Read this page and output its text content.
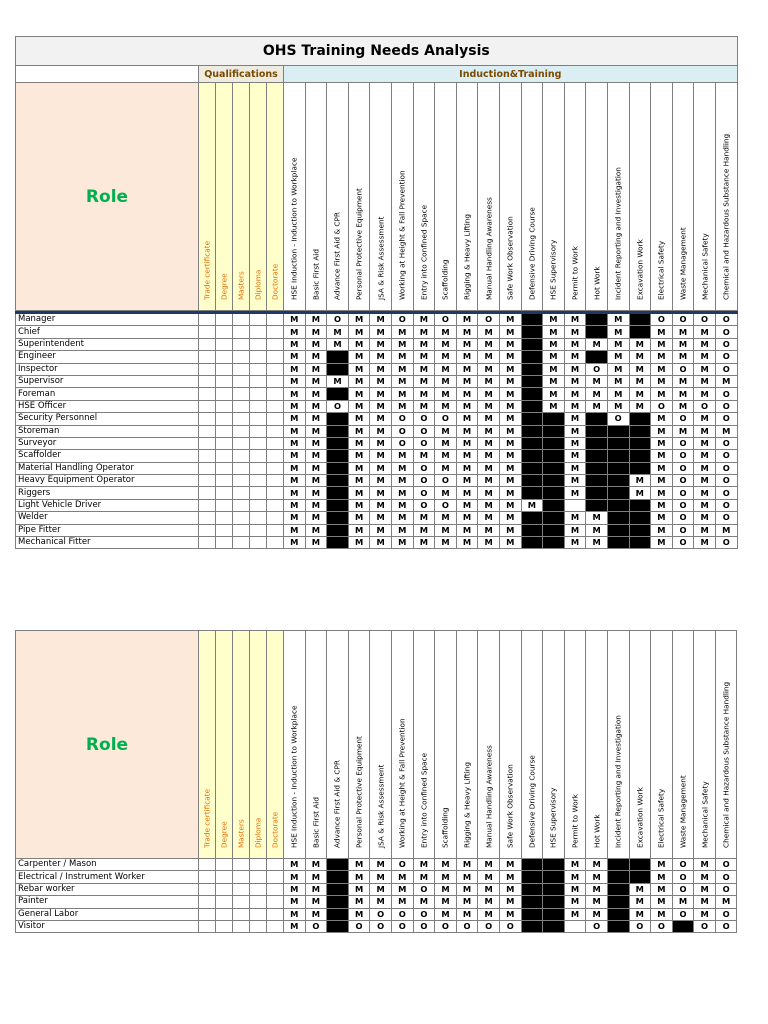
OHS Training Needs Analysis																										
	Qualifications					Induction&Training																				
Role	Trade certificate	Degree	Masters	Diploma	Doctorate	HSE Induction - Induction to Workplace	Basic First Aid	Advance First Aid & CPR	Personal Protective Equipment	JSA & Risk Assessment	Working at Height & Fall Prevention	Entry into Confined Space	Scaffolding	Rigging & Heavy Lifting	Manual Handling Awareness	Safe Work Observation	Defensive Driving Course	HSE Supervisory	Permit to Work	Hot Work	Incident Reporting and Investigation	Excavation Work	Electrical Safety	Waste Management	Mechanical Safety	Chemical and Hazardous Substance Handling

Manager						M	M	O	M	M	O	M	O	M	O	M		M	M		M		O	O	O	O
Chief						M	M	M	M	M	M	M	M	M	M	M		M	M		M		M	M	M	O
Superintendent						M	M	M	M	M	M	M	M	M	M	M		M	M	M	M	M	M	M	M	O
Engineer						M	M		M	M	M	M	M	M	M	M		M	M		M	M	M	M	M	O
Inspector						M	M		M	M	M	M	M	M	M	M		M	M	O	M	M	M	O	M	O
Supervisor						M	M	M	M	M	M	M	M	M	M	M		M	M	M	M	M	M	M	M	M
Foreman						M	M		M	M	M	M	M	M	M	M		M	M	M	M	M	M	M	M	O
HSE Officer						M	M	O	M	M	M	M	M	M	M	M		M	M	M	M	M	O	M	O	O
Security Personnel						M	M		M	M	O	O	O	M	M	M			M		O		M	O	M	O
Storeman						M	M		M	M	O	O	M	M	M	M			M				M	M	M	M
Surveyor						M	M		M	M	O	O	M	M	M	M			M				M	O	M	O
Scaffolder						M	M		M	M	M	M	M	M	M	M			M				M	O	M	O
Material Handling Operator						M	M		M	M	M	O	M	M	M	M			M				M	O	M	O
Heavy Equipment Operator						M	M		M	M	M	O	O	M	M	M			M			M	M	O	M	O
Riggers						M	M		M	M	M	O	M	M	M	M			M			M	M	O	M	O
Light Vehicle Driver						M	M		M	M	M	O	O	M	M	M	M						M	O	M	O
Welder						M	M		M	M	M	M	M	M	M	M			M	M			M	O	M	O
Pipe Fitter						M	M		M	M	M	M	M	M	M	M			M	M			M	O	M	M
Mechanical Fitter						M	M		M	M	M	M	M	M	M	M			M	M			M	O	M	O
Role	Trade certificate	Degree	Masters	Diploma	Doctorate	HSE Induction - Induction to Workplace	Basic First Aid	Advance First Aid & CPR	Personal Protective Equipment	JSA & Risk Assessment	Working at Height & Fall Prevention	Entry into Confined Space	Scaffolding	Rigging & Heavy Lifting	Manual Handling Awareness	Safe Work Observation	Defensive Driving Course	HSE Supervisory	Permit to Work	Hot Work	Incident Reporting and Investigation	Excavation Work	Electrical Safety	Waste Management	Mechanical Safety	Chemical and Hazardous Substance Handling

Carpenter / Mason						M	M		M	M	O	M	M	M	M	M			M	M			M	O	M	O
Electrical / Instrument Worker						M	M		M	M	M	M	M	M	M	M			M	M			M	O	M	O
Rebar worker						M	M		M	M	M	O	M	M	M	M			M	M		M	M	O	M	O
Painter						M	M		M	M	M	M	M	M	M	M			M	M		M	M	M	M	M
General Labor						M	M		M	O	O	O	M	M	M	M			M	M		M	M	O	M	O
Visitor						M	O		O	O	O	O	O	O	O	O				O		O	O		O	O
